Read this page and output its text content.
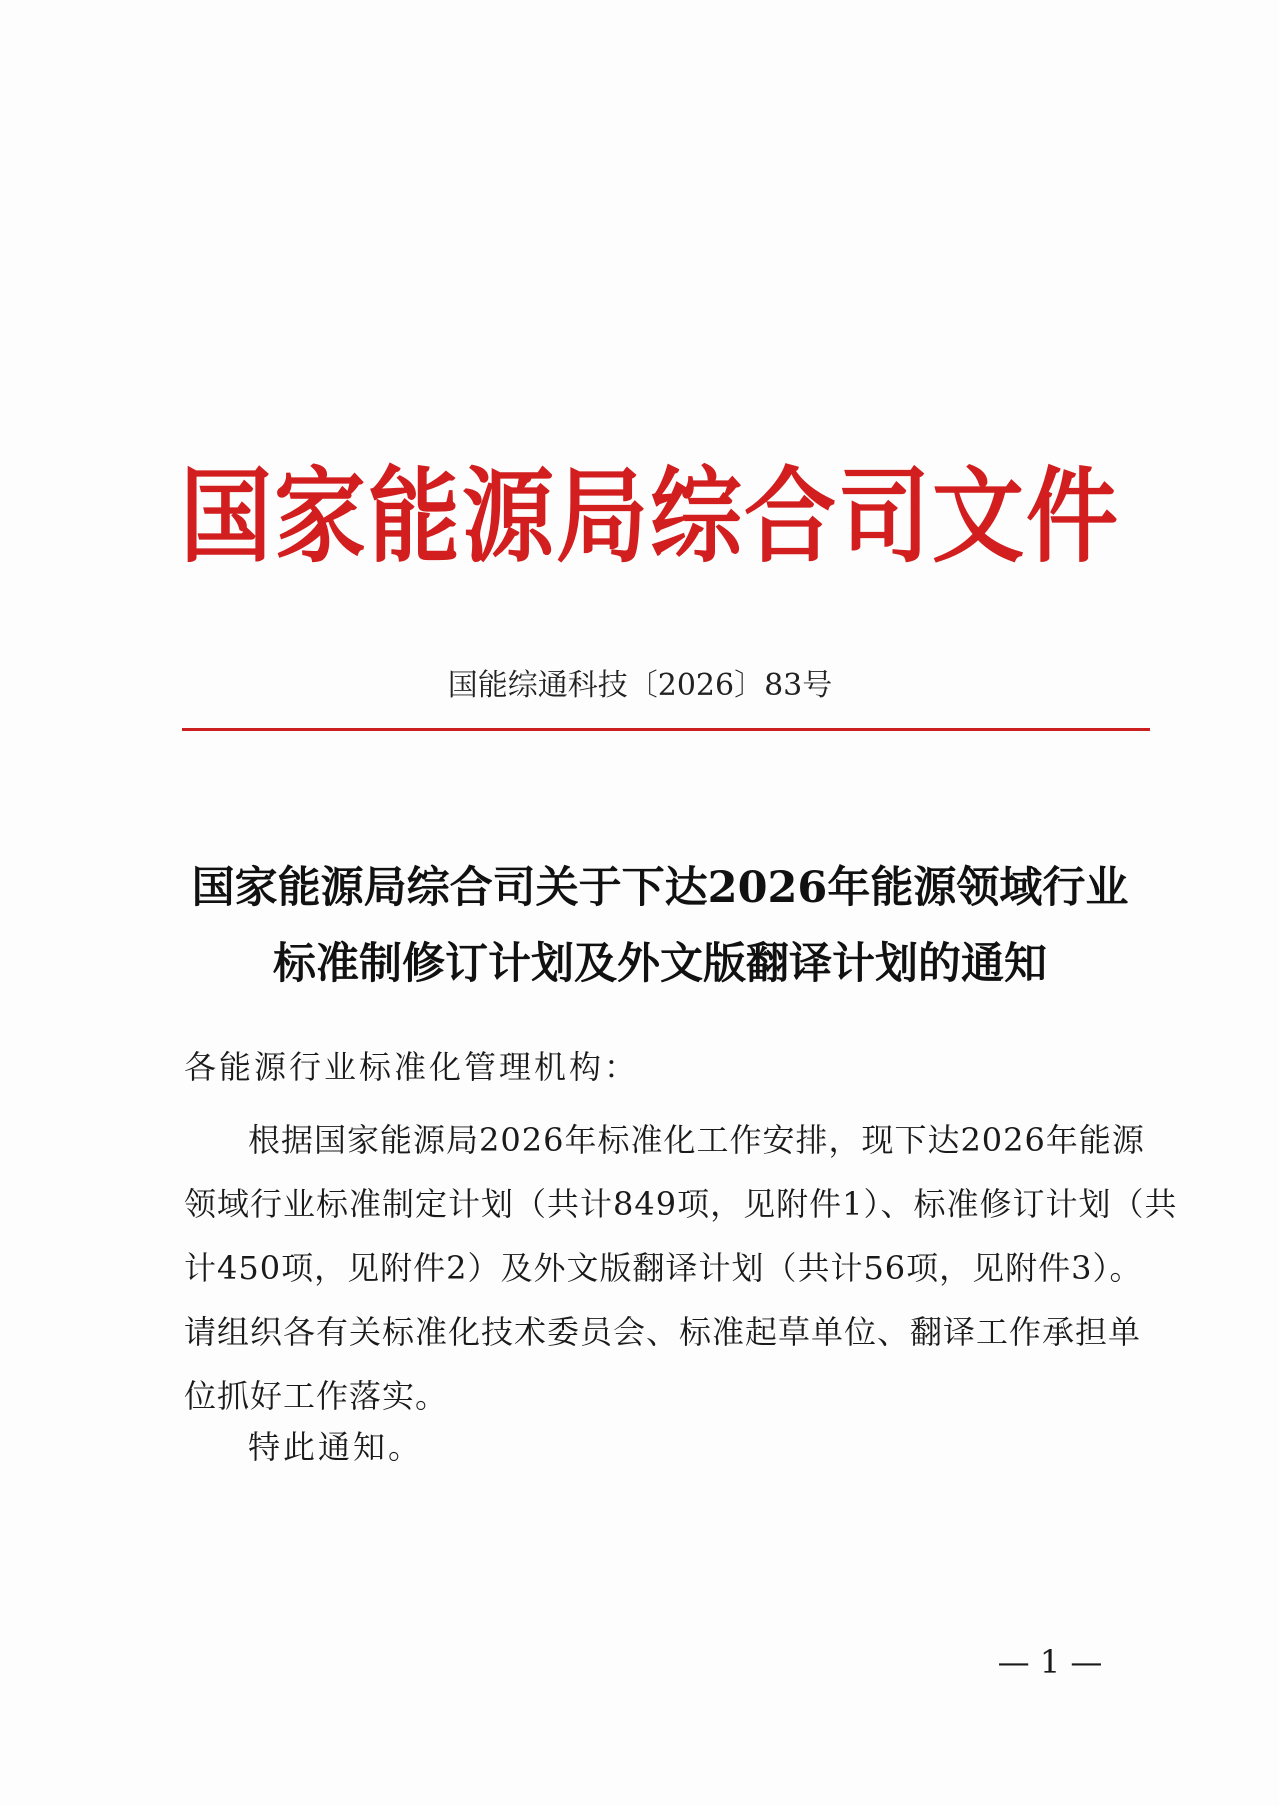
国家能源局综合司文件
国能综通科技〔2026〕83号
国家能源局综合司关于下达2026年能源领域行业
标准制修订计划及外文版翻译计划的通知
各能源行业标准化管理机构：
根据国家能源局2026年标准化工作安排，现下达2026年能源
领域行业标准制定计划（共计849项，见附件1）、标准修订计划（共
计450项，见附件2）及外文版翻译计划（共计56项，见附件3）。
请组织各有关标准化技术委员会、标准起草单位、翻译工作承担单
位抓好工作落实。
特此通知。
— 1 —
